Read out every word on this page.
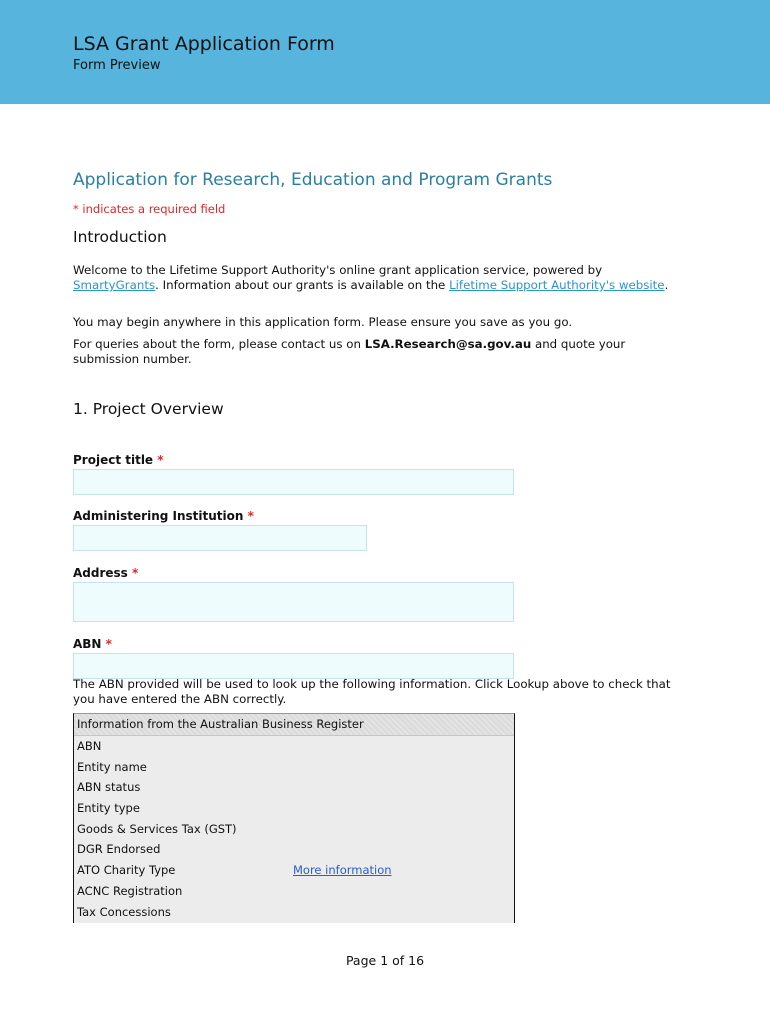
LSA Grant Application Form
Form Preview
Application for Research, Education and Program Grants
* indicates a required field
Introduction
Welcome to the Lifetime Support Authority's online grant application service, powered by SmartyGrants. Information about our grants is available on the Lifetime Support Authority's website.
You may begin anywhere in this application form. Please ensure you save as you go.
For queries about the form, please contact us on LSA.Research@sa.gov.au and quote your submission number.
1. Project Overview
Project title *
Administering Institution *
Address *
ABN *
The ABN provided will be used to look up the following information. Click Lookup above to check that you have entered the ABN correctly.
Information from the Australian Business Register
ABN
Entity name
ABN status
Entity type
Goods & Services Tax (GST)
DGR Endorsed
ATO Charity Type	More information
ACNC Registration
Tax Concessions
Page 1 of 16
